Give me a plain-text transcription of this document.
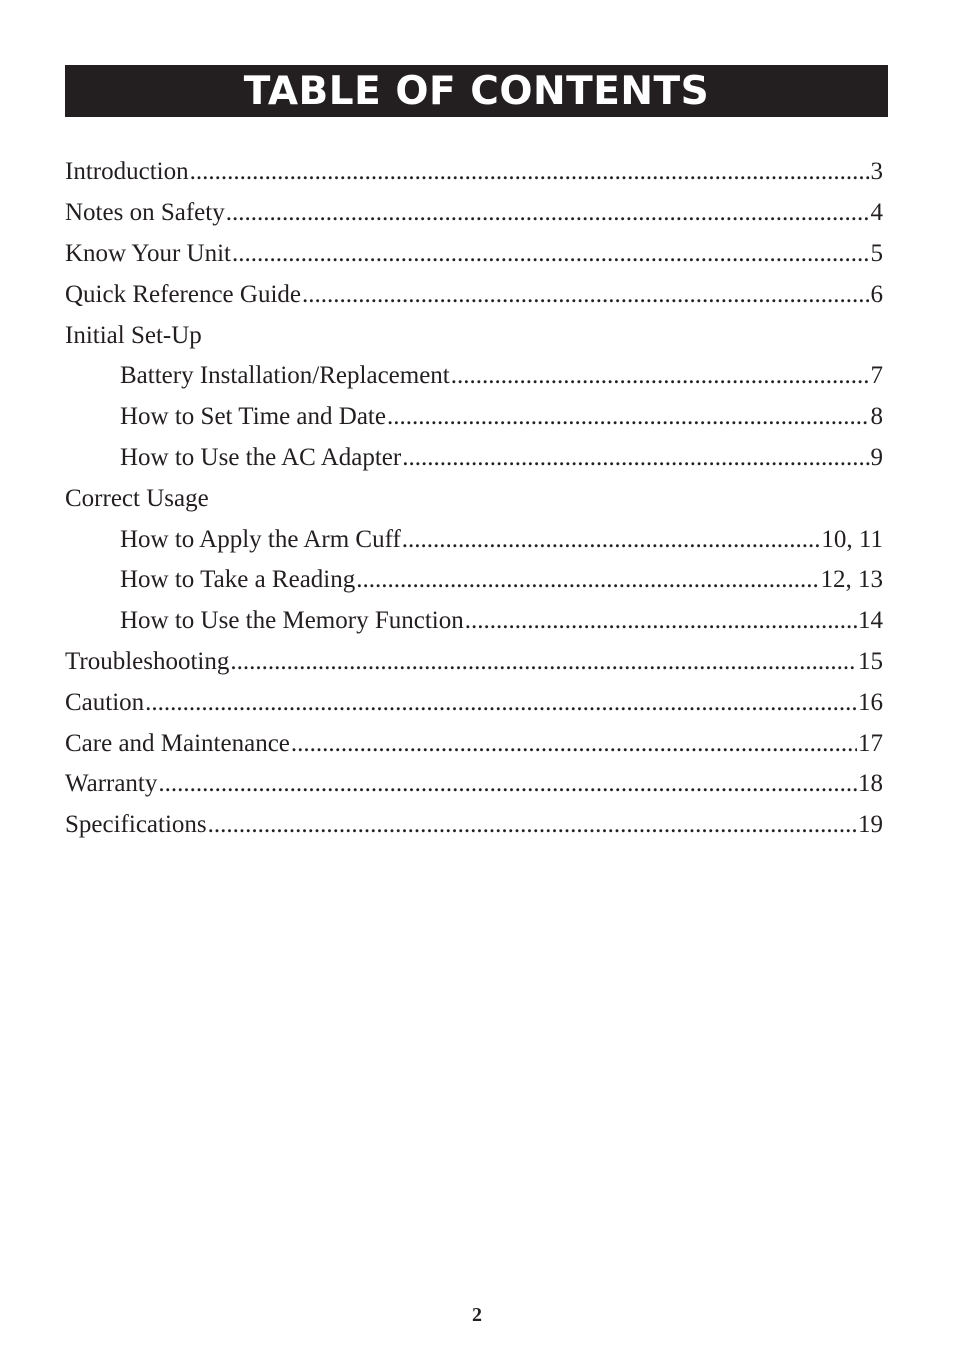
TABLE OF CONTENTS
Introduction .....	3
Notes on Safety .....	4
Know Your Unit .....	5
Quick Reference Guide .....	6
Initial Set-Up
Battery Installation/Replacement .....	7
How to Set Time and Date .....	8
How to Use the AC Adapter .....	9
Correct Usage
How to Apply the Arm Cuff .....	10, 11
How to Take a Reading .....	12, 13
How to Use the Memory Function .....	14
Troubleshooting .....	15
Caution .....	16
Care and Maintenance .....	17
Warranty .....	18
Specifications .....	19
2
